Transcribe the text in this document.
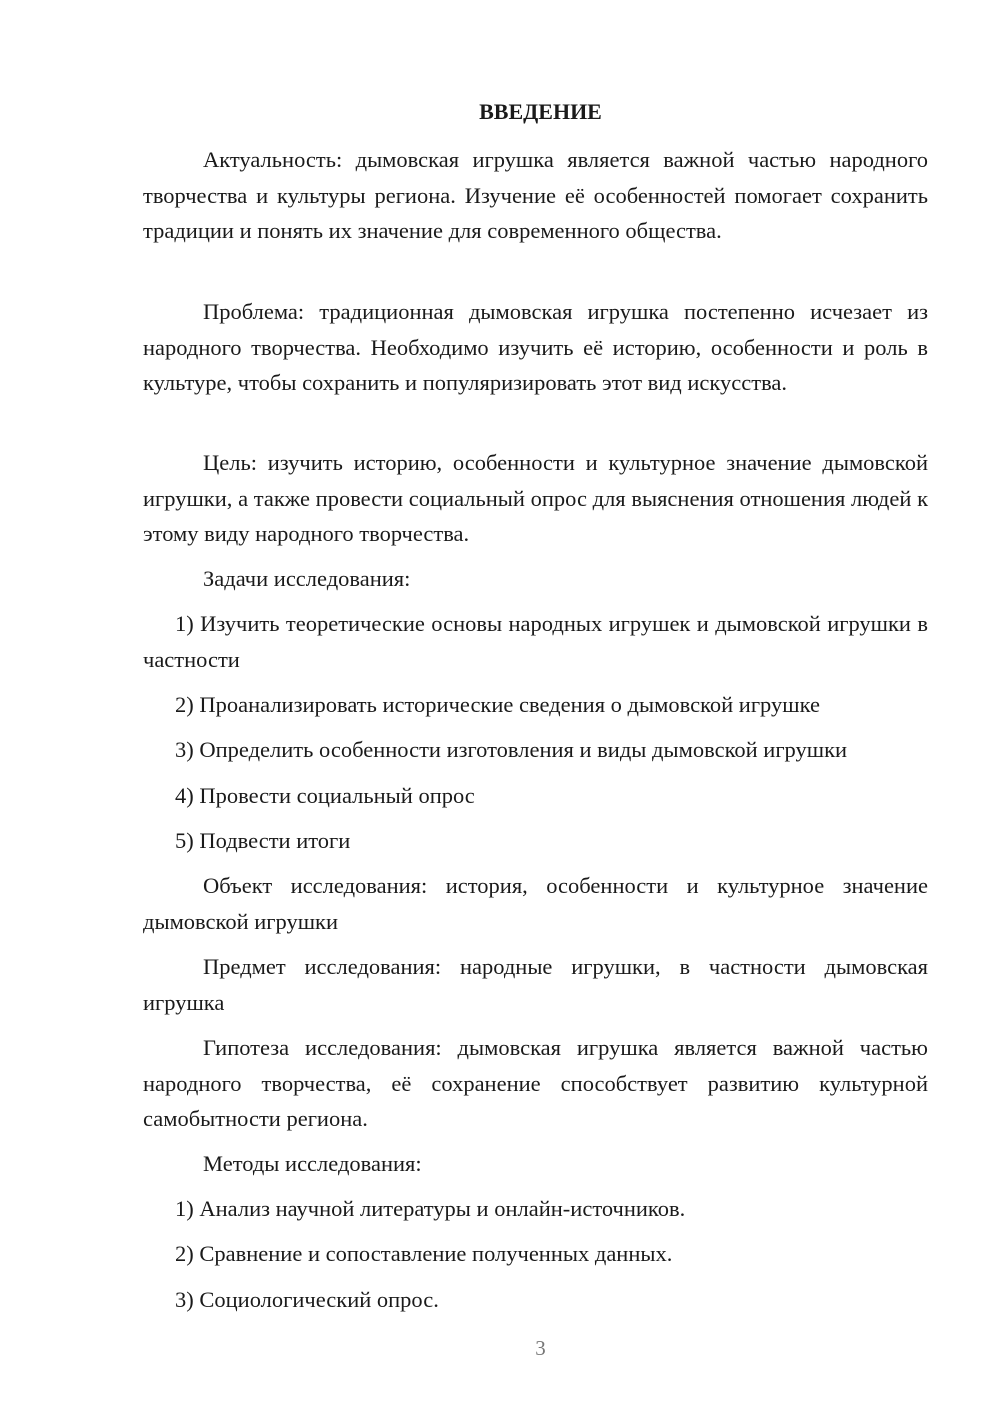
ВВЕДЕНИЕ

Актуальность: дымовская игрушка является важной частью народного творчества и культуры региона. Изучение её особенностей помогает сохранить традиции и понять их значение для современного общества.

Проблема: традиционная дымовская игрушка постепенно исчезает из народного творчества. Необходимо изучить её историю, особенности и роль в культуре, чтобы сохранить и популяризировать этот вид искусства.

Цель: изучить историю, особенности и культурное значение дымовской игрушки, а также провести социальный опрос для выяснения отношения людей к этому виду народного творчества.

Задачи исследования:

1) Изучить теоретические основы народных игрушек и дымовской игрушки в частности

2) Проанализировать исторические сведения о дымовской игрушке

3) Определить особенности изготовления и виды дымовской игрушки

4) Провести социальный опрос

5) Подвести итоги

Объект исследования: история, особенности и культурное значение дымовской игрушки

Предмет исследования: народные игрушки, в частности дымовская игрушка

Гипотеза исследования: дымовская игрушка является важной частью народного творчества, её сохранение способствует развитию культурной самобытности региона.

Методы исследования:

1) Анализ научной литературы и онлайн-источников.

2) Сравнение и сопоставление полученных данных.

3) Социологический опрос.

3
